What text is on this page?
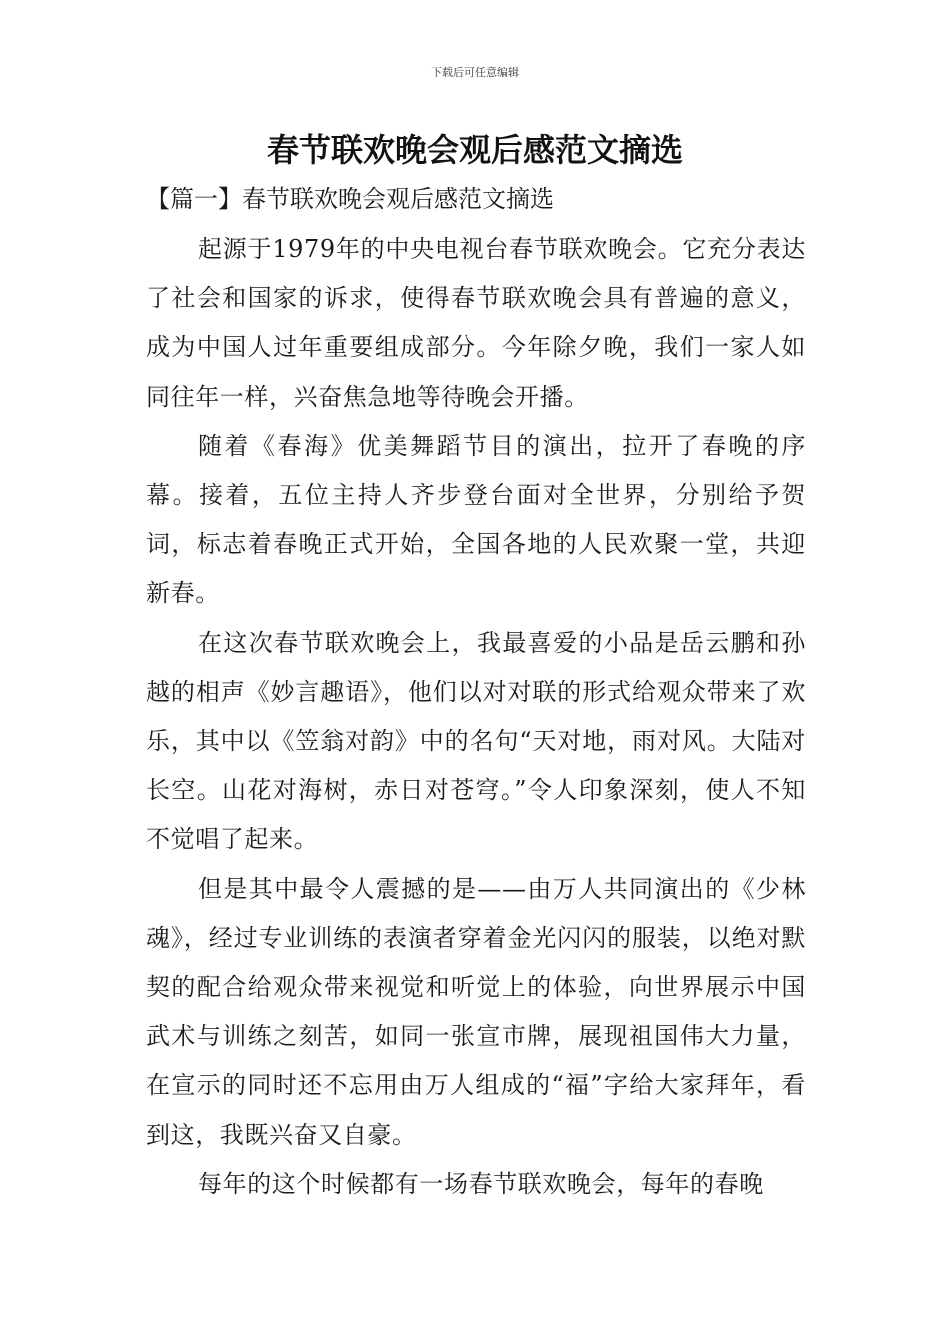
下载后可任意编辑
春节联欢晚会观后感范文摘选
【篇一】春节联欢晚会观后感范文摘选

起源于1979年的中央电视台春节联欢晚会。它充分表达了社会和国家的诉求，使得春节联欢晚会具有普遍的意义，成为中国人过年重要组成部分。今年除夕晚，我们一家人如同往年一样，兴奋焦急地等待晚会开播。

随着《春海》优美舞蹈节目的演出，拉开了春晚的序幕。接着，五位主持人齐步登台面对全世界，分别给予贺词，标志着春晚正式开始，全国各地的人民欢聚一堂，共迎新春。

在这次春节联欢晚会上，我最喜爱的小品是岳云鹏和孙越的相声《妙言趣语》，他们以对对联的形式给观众带来了欢乐，其中以《笠翁对韵》中的名句“天对地，雨对风。大陆对长空。山花对海树，赤日对苍穹。”令人印象深刻，使人不知不觉唱了起来。

但是其中最令人震撼的是——由万人共同演出的《少林魂》，经过专业训练的表演者穿着金光闪闪的服装，以绝对默契的配合给观众带来视觉和听觉上的体验，向世界展示中国武术与训练之刻苦，如同一张宣市牌，展现祖国伟大力量，在宣示的同时还不忘用由万人组成的“福”字给大家拜年，看到这，我既兴奋又自豪。

每年的这个时候都有一场春节联欢晚会，每年的春晚
